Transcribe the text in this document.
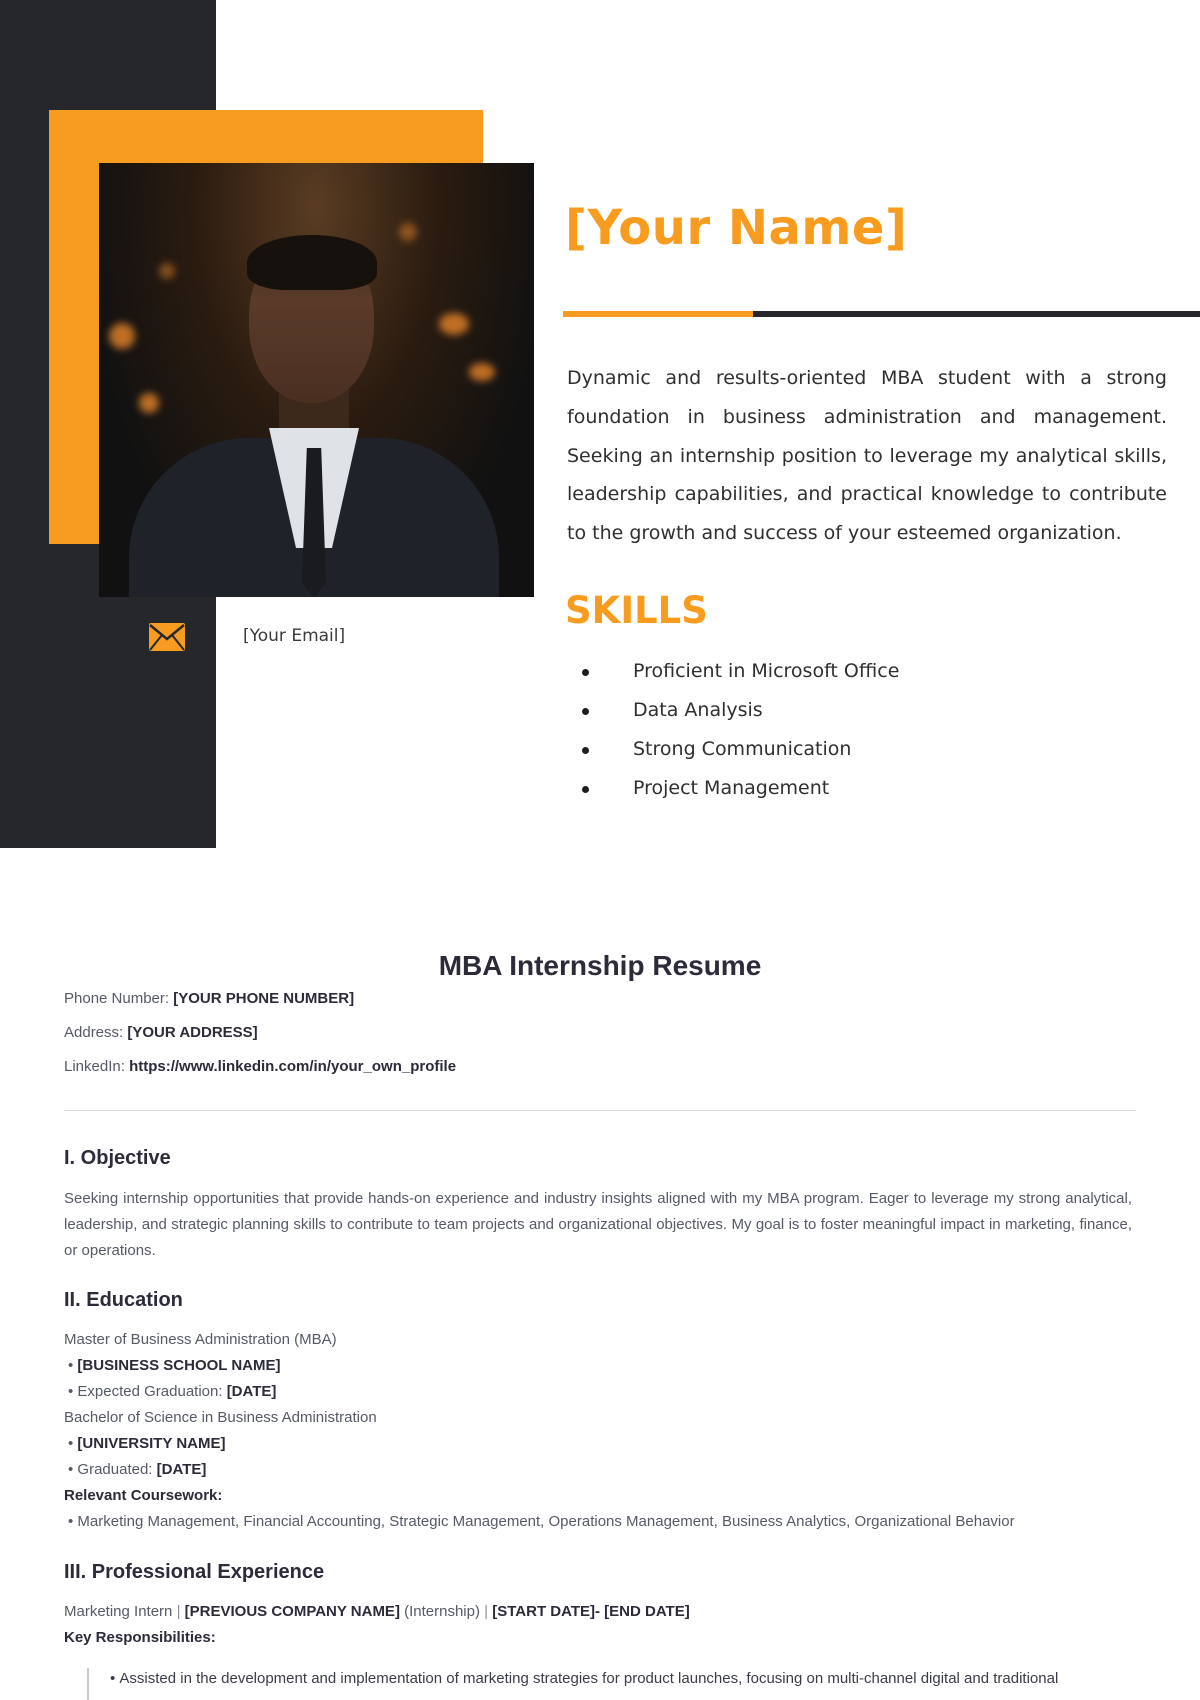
[Your Email]
[Your Name]

Dynamic and results-oriented MBA student with a strong foundation in business administration and management. Seeking an internship position to leverage my analytical skills, leadership capabilities, and practical knowledge to contribute to the growth and success of your esteemed organization.

SKILLS
Proficient in Microsoft Office
Data Analysis
Strong Communication
Project Management
MBA Internship Resume
Phone Number: [YOUR PHONE NUMBER]
Address: [YOUR ADDRESS]
LinkedIn: https://www.linkedin.com/in/your_own_profile
I. Objective

Seeking internship opportunities that provide hands-on experience and industry insights aligned with my MBA program. Eager to leverage my strong analytical, leadership, and strategic planning skills to contribute to team projects and organizational objectives. My goal is to foster meaningful impact in marketing, finance, or operations.

II. Education
Master of Business Administration (MBA)
• [BUSINESS SCHOOL NAME]
• Expected Graduation: [DATE]
Bachelor of Science in Business Administration
• [UNIVERSITY NAME]
• Graduated: [DATE]
Relevant Coursework:
• Marketing Management, Financial Accounting, Strategic Management, Operations Management, Business Analytics, Organizational Behavior
III. Professional Experience
Marketing Intern | [PREVIOUS COMPANY NAME] (Internship) | [START DATE]- [END DATE]
Key Responsibilities:
• Assisted in the development and implementation of marketing strategies for product launches, focusing on multi-channel digital and traditional
